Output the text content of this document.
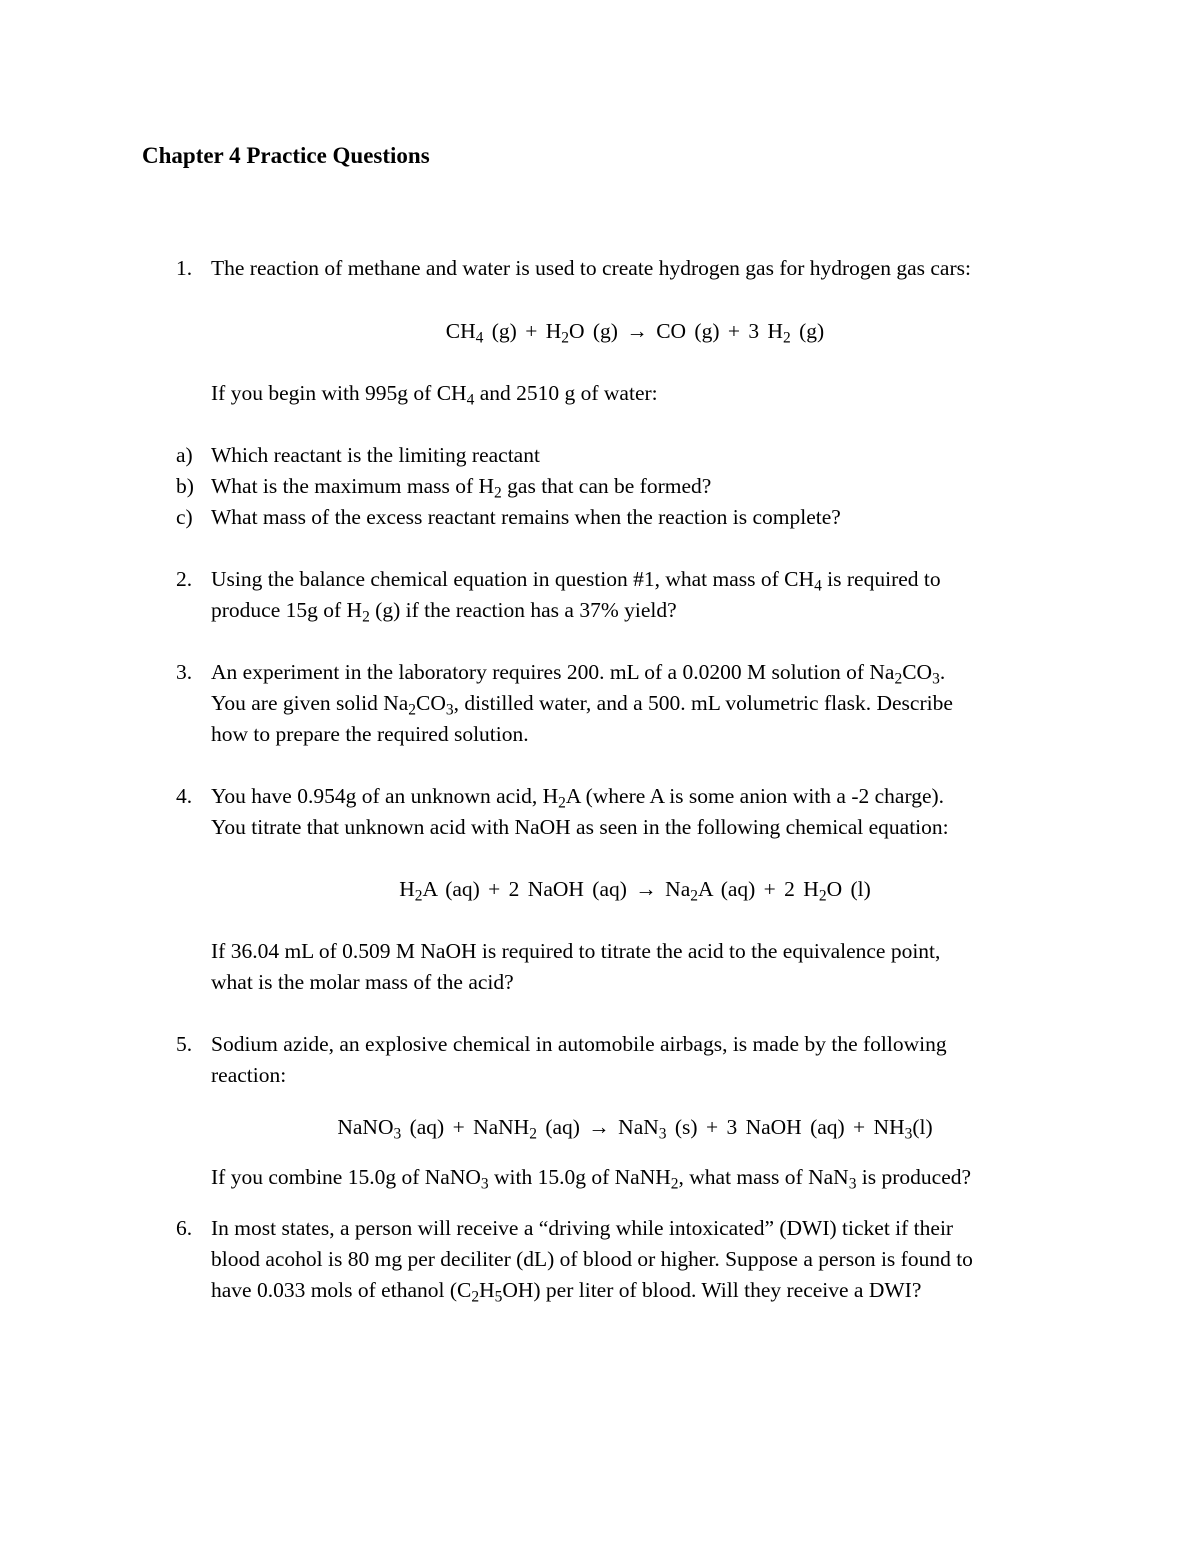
Chapter 4 Practice Questions
1. The reaction of methane and water is used to create hydrogen gas for hydrogen gas cars:
$CH_4$ $(g) + H_2O$ (g) → CO (g) + 3 $H_2$ (g)
If you begin with 995g of $CH_4$ and 2510 g of water:
a) Which reactant is the limiting reactant
b) What is the maximum mass of $H_2$ gas that can be formed?
c) What mass of the excess reactant remains when the reaction is complete?
2. Using the balance chemical equation in question #1, what mass of $CH_4$ is required to
produce 15g of $H_2$ (g) if the reaction has a 37% yield?
3. An experiment in the laboratory requires 200. mL of a 0.0200 M solution of $Na_2CO_3$.
You are given solid $Na_2CO_3$, distilled water, and a 500. mL volumetric flask. Describe
how to prepare the required solution.
4. You have 0.954g of an unknown acid, $H_2A$ (where A is some anion with a -2 charge).
You titrate that unknown acid with NaOH as seen in the following chemical equation:
$H_2A$ (aq) + 2 NaOH $(aq) \to Na_2A$ (aq) + 2 $H_2O$ (l)
If 36.04 mL of 0.509 M NaOH is required to titrate the acid to the equivalence point,
what is the molar mass of the acid?
5. Sodium azide, an explosive chemical in automobile airbags, is made by the following
reaction:
NaNO$_3$ (aq) + NaNH$_2$ (aq) → NaN$_3$ (s) + 3 NaOH $(aq) + NH_3(l)$
If you combine 15.0g of NaNO$_3$ with 15.0g of NaNH$_2$, what mass of NaN$_3$ is produced?
6. In most states, a person will receive a “driving while intoxicated” (DWI) ticket if their
blood acohol is 80 mg per deciliter (dL) of blood or higher. Suppose a person is found to
have 0.033 mols of ethanol $(C_2H_5OH)$ per liter of blood. Will they receive a DWI?
